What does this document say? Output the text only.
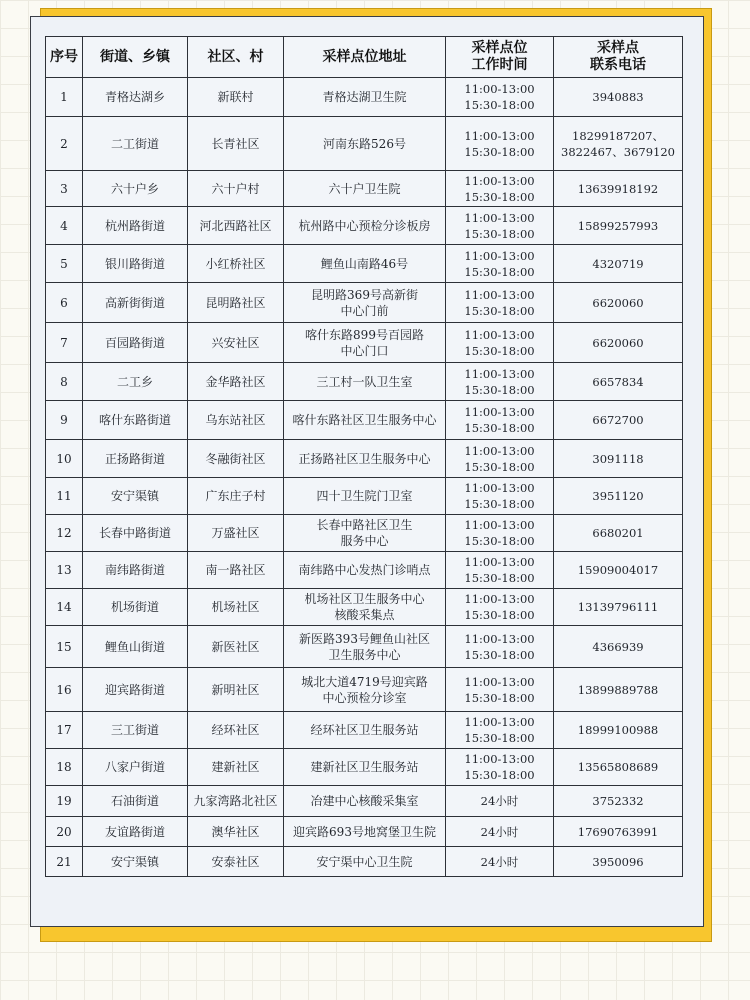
序号	街道、乡镇	社区、村	采样点位地址	采样点位
工作时间	采样点
联系电话

1	青格达湖乡	新联村	青格达湖卫生院	11:00-13:00
15:30-18:00	3940883

2	二工街道	长青社区	河南东路526号	11:00-13:00
15:30-18:00	18299187207、
3822467、3679120

3	六十户乡	六十户村	六十户卫生院	11:00-13:00
15:30-18:00	13639918192

4	杭州路街道	河北西路社区	杭州路中心预检分诊板房	11:00-13:00
15:30-18:00	15899257993

5	银川路街道	小红桥社区	鲤鱼山南路46号	11:00-13:00
15:30-18:00	4320719

6	高新街街道	昆明路社区	昆明路369号高新街
中心门前	11:00-13:00
15:30-18:00	6620060

7	百园路街道	兴安社区	喀什东路899号百园路
中心门口	11:00-13:00
15:30-18:00	6620060

8	二工乡	金华路社区	三工村一队卫生室	11:00-13:00
15:30-18:00	6657834

9	喀什东路街道	乌东站社区	喀什东路社区卫生服务中心	11:00-13:00
15:30-18:00	6672700

10	正扬路街道	冬融街社区	正扬路社区卫生服务中心	11:00-13:00
15:30-18:00	3091118

11	安宁渠镇	广东庄子村	四十卫生院门卫室	11:00-13:00
15:30-18:00	3951120

12	长春中路街道	万盛社区	长春中路社区卫生
服务中心	11:00-13:00
15:30-18:00	6680201

13	南纬路街道	南一路社区	南纬路中心发热门诊哨点	11:00-13:00
15:30-18:00	15909004017

14	机场街道	机场社区	机场社区卫生服务中心
核酸采集点	11:00-13:00
15:30-18:00	13139796111

15	鲤鱼山街道	新医社区	新医路393号鲤鱼山社区
卫生服务中心	11:00-13:00
15:30-18:00	4366939

16	迎宾路街道	新明社区	城北大道4719号迎宾路
中心预检分诊室	11:00-13:00
15:30-18:00	13899889788

17	三工街道	经环社区	经环社区卫生服务站	11:00-13:00
15:30-18:00	18999100988

18	八家户街道	建新社区	建新社区卫生服务站	11:00-13:00
15:30-18:00	13565808689

19	石油街道	九家湾路北社区	冶建中心核酸采集室	24小时	3752332

20	友谊路街道	澳华社区	迎宾路693号地窝堡卫生院	24小时	17690763991

21	安宁渠镇	安泰社区	安宁渠中心卫生院	24小时	3950096
